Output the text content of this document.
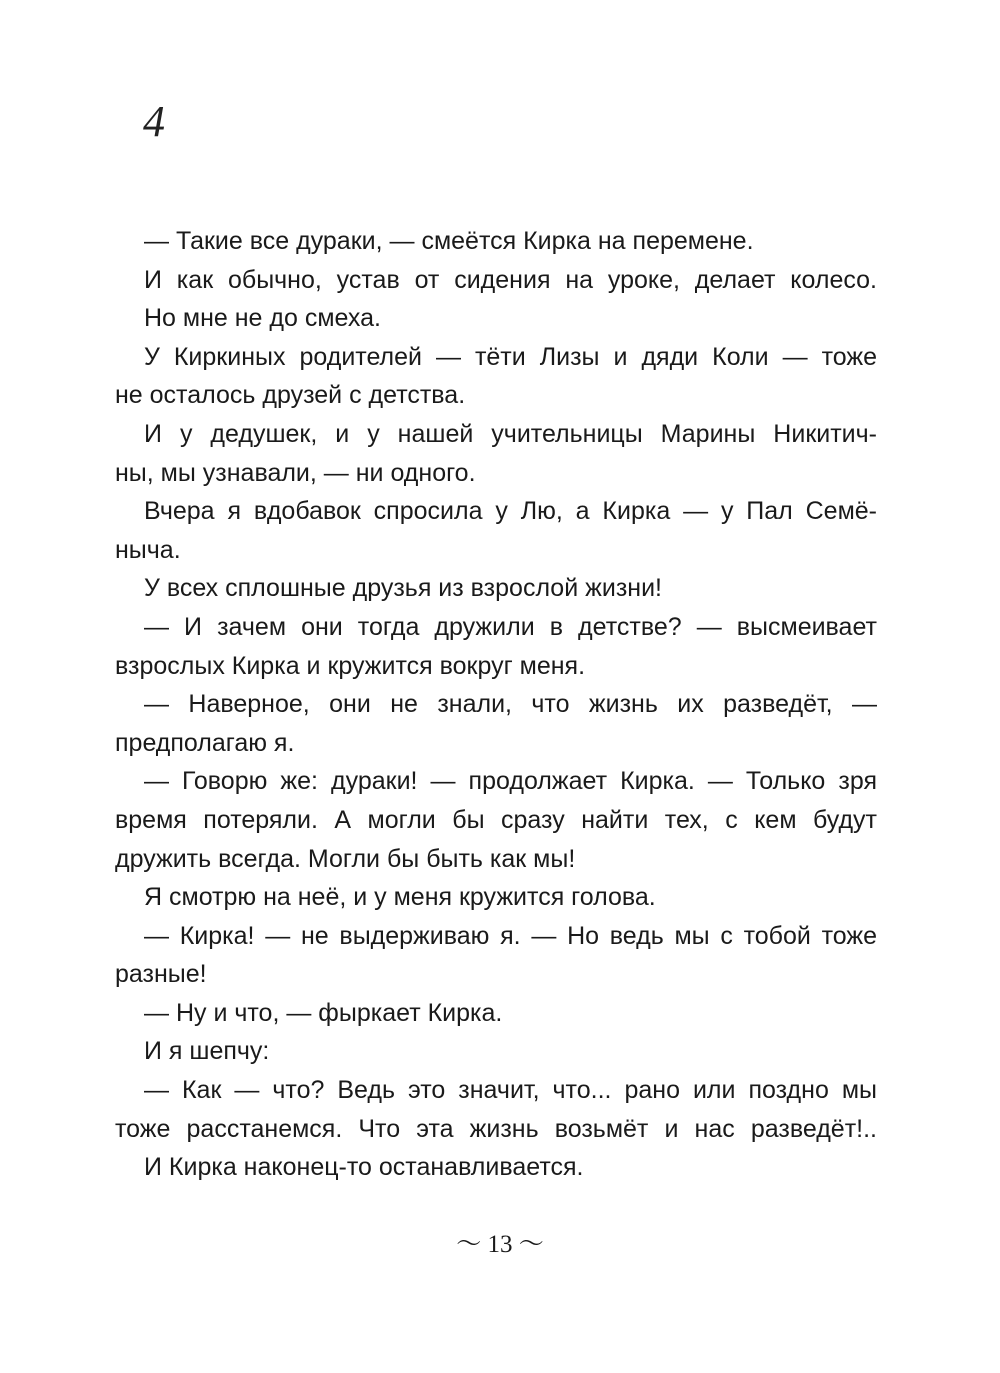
4
— Такие все дураки, — смеётся Кирка на перемене.
И как обычно, устав от сидения на уроке, делает колесо.
Но мне не до смеха.
У Киркиных родителей — тёти Лизы и дяди Коли — тоже
не осталось друзей с детства.
И у дедушек, и у нашей учительницы Марины Никитич-
ны, мы узнавали, — ни одного.
Вчера я вдобавок спросила у Лю, а Кирка — у Пал Семё-
ныча.
У всех сплошные друзья из взрослой жизни!
— И зачем они тогда дружили в детстве? — высмеивает
взрослых Кирка и кружится вокруг меня.
— Наверное, они не знали, что жизнь их разведёт, —
предполагаю я.
— Говорю же: дураки! — продолжает Кирка. — Только зря
время потеряли. А могли бы сразу найти тех, с кем будут
дружить всегда. Могли бы быть как мы!
Я смотрю на неё, и у меня кружится голова.
— Кирка! — не выдерживаю я. — Но ведь мы с тобой тоже
разные!
— Ну и что, — фыркает Кирка.
И я шепчу:
— Как — что? Ведь это значит, что... рано или поздно мы
тоже расстанемся. Что эта жизнь возьмёт и нас разведёт!..
И Кирка наконец-то останавливается.
〜 13 〜
